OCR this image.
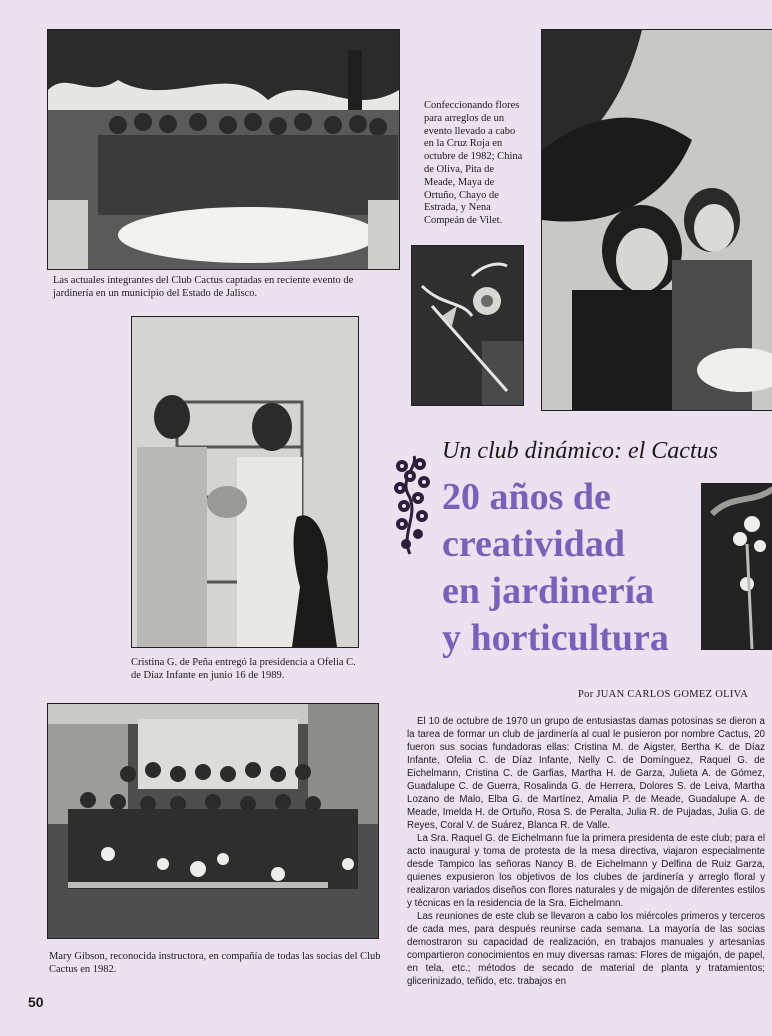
Las actuales integrantes del Club Cactus captadas en reciente evento de jardinería en un municipio del Estado de Jalisco.
Confeccionando flores para arreglos de un evento llevado a cabo en la Cruz Roja en octubre de 1982; China de Oliva, Pita de Meade, Maya de Ortuño, Chayo de Estrada, y Nena Compeán de Vilet.
Cristina G. de Peña entregó la presidencia a Ofelia C. de Díaz Infante en junio 16 de 1989.
Un club dinámico: el Cactus
20 años de
creatividad
en jardinería
y horticultura
Por JUAN CARLOS GOMEZ OLIVA
Mary Gibson, reconocida instructora, en compañía de todas las socias del Club Cactus en 1982.

El 10 de octubre de 1970 un grupo de entusiastas damas potosinas se dieron a la tarea de formar un club de jardinería al cual le pusieron por nombre Cactus, 20 fueron sus socias fundadoras ellas: Cristina M. de Aigster, Bertha K. de Díaz Infante, Ofelia C. de Díaz Infante, Nelly C. de Domínguez, Raquel G. de Eichelmann, Cristina C. de Garfias, Martha H. de Garza, Julieta A. de Gómez, Guadalupe C. de Guerra, Rosalinda G. de Herrera, Dolores S. de Leiva, Martha Lozano de Malo, Elba G. de Martínez, Amalia P. de Meade, Guadalupe A. de Meade, Imelda H. de Ortuño, Rosa S. de Peralta, Julia R. de Pujadas, Julia G. de Reyes, Coral V. de Suárez, Blanca R. de Valle.

La Sra. Raquel G. de Eichelmann fue la primera presidenta de este club; para el acto inaugural y toma de protesta de la mesa directiva, viajaron especialmente desde Tampico las señoras Nancy B. de Eichelmann y Delfina de Ruiz Garza, quienes expusieron los objetivos de los clubes de jardinería y arreglo floral y realizaron variados diseños con flores naturales y de migajón de diferentes estilos y técnicas en la residencia de la Sra. Eichelmann.

Las reuniones de este club se llevaron a cabo los miércoles primeros y terceros de cada mes, para después reunirse cada semana. La mayoría de las socias demostraron su capacidad de realización, en trabajos manuales y artesanías compartieron conocimientos en muy diversas ramas: Flores de migajón, de papel, en tela, etc.; métodos de secado de material de planta y tratamientos; glicerinizado, teñido, etc. trabajos en

50
